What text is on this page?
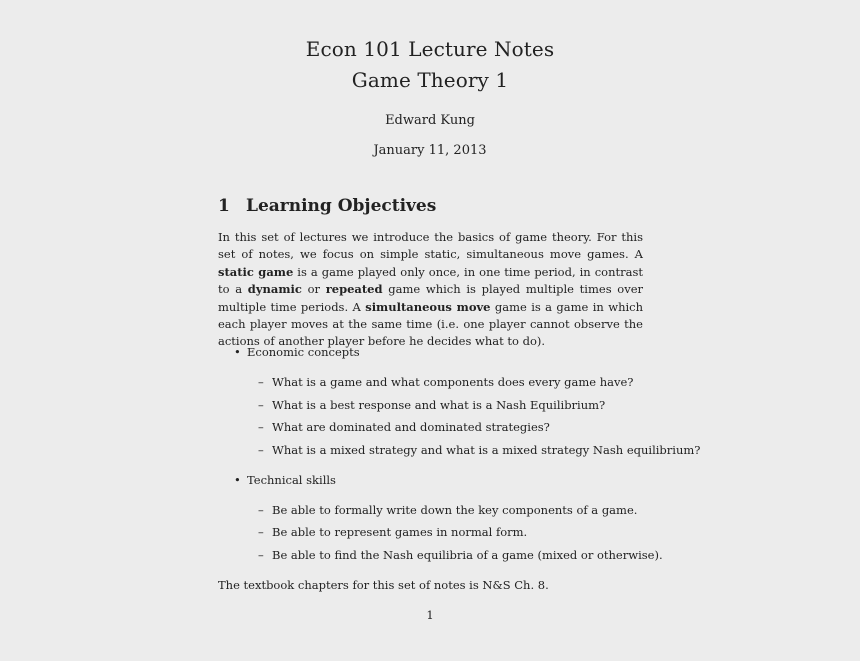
Econ 101 Lecture Notes
Game Theory 1
Edward Kung
January 11, 2013
1 Learning Objectives
In this set of lectures we introduce the basics of game theory. For this set of notes, we focus on simple static, simultaneous move games. A static game is a game played only once, in one time period, in contrast to a dynamic or repeated game which is played multiple times over multiple time periods. A simultaneous move game is a game in which each player moves at the same time (i.e. one player cannot observe the actions of another player before he decides what to do).
• Economic concepts
– What is a game and what components does every game have?
– What is a best response and what is a Nash Equilibrium?
– What are dominated and dominated strategies?
– What is a mixed strategy and what is a mixed strategy Nash equilibrium?
• Technical skills
– Be able to formally write down the key components of a game.
– Be able to represent games in normal form.
– Be able to find the Nash equilibria of a game (mixed or otherwise).
The textbook chapters for this set of notes is N&S Ch. 8.
1
